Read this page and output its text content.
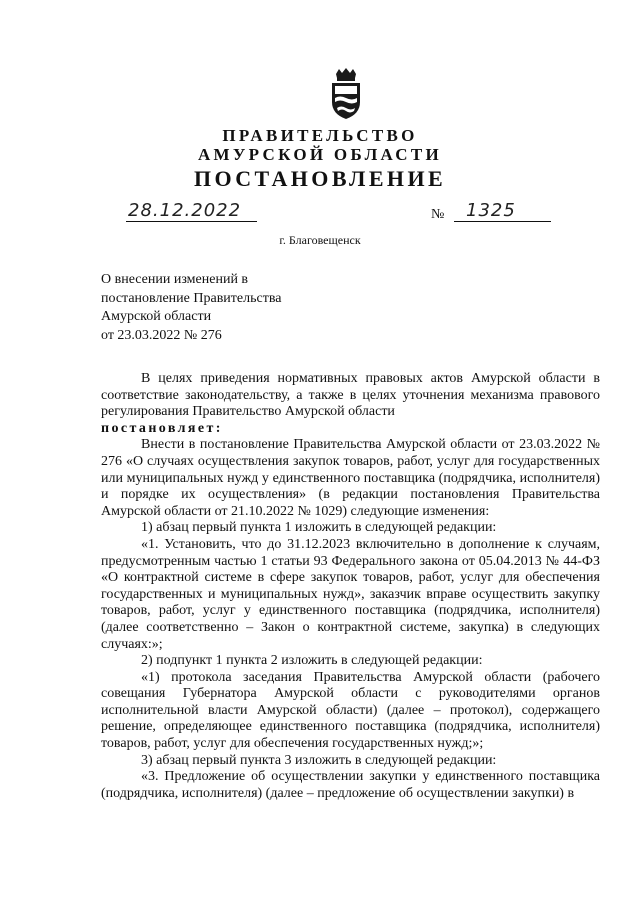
ПРАВИТЕЛЬСТВО
АМУРСКОЙ ОБЛАСТИ
ПОСТАНОВЛЕНИЕ
28.12.2022	№ 1325
г. Благовещенск
О внесении изменений в
постановление Правительства
Амурской области
от 23.03.2022 № 276

В целях приведения нормативных правовых актов Амурской области в соответствие законодательству, а также в целях уточнения механизма правового регулирования Правительство Амурской области

постановляет:

Внести в постановление Правительства Амурской области от 23.03.2022 № 276 «О случаях осуществления закупок товаров, работ, услуг для государственных или муниципальных нужд у единственного поставщика (подрядчика, исполнителя) и порядке их осуществления» (в редакции постановления Правительства Амурской области от 21.10.2022 № 1029) следующие изменения:

1) абзац первый пункта 1 изложить в следующей редакции:

«1. Установить, что до 31.12.2023 включительно в дополнение к случаям, предусмотренным частью 1 статьи 93 Федерального закона от 05.04.2013 № 44-ФЗ «О контрактной системе в сфере закупок товаров, работ, услуг для обеспечения государственных и муниципальных нужд», заказчик вправе осуществить закупку товаров, работ, услуг у единственного поставщика (подрядчика, исполнителя) (далее соответственно – Закон о контрактной системе, закупка) в следующих случаях:»;

2) подпункт 1 пункта 2 изложить в следующей редакции:

«1) протокола заседания Правительства Амурской области (рабочего совещания Губернатора Амурской области с руководителями органов исполнительной власти Амурской области) (далее – протокол), содержащего решение, определяющее единственного поставщика (подрядчика, исполнителя) товаров, работ, услуг для обеспечения государственных нужд;»;

3) абзац первый пункта 3 изложить в следующей редакции:

«3. Предложение об осуществлении закупки у единственного поставщика (подрядчика, исполнителя) (далее – предложение об осуществлении закупки) в
